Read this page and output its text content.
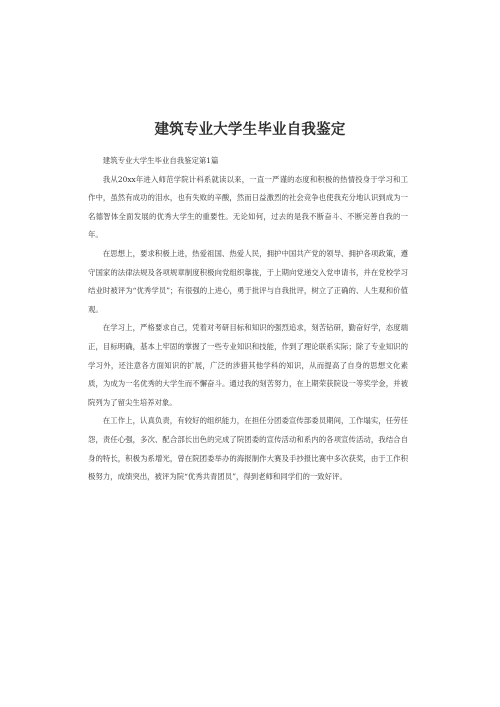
建筑专业大学生毕业自我鉴定

建筑专业大学生毕业自我鉴定第1篇

我从20xx年进入师范学院计科系就读以来，一直一严谨的态度和积极的热情投身于学习和工作中，虽然有成功的泪水，也有失败的辛酸，然而日益激烈的社会竞争也使我充分地认识到成为一名德智体全面发展的优秀大学生的重要性。无论如何，过去的是我不断奋斗、不断完善自我的一年。

在思想上，要求积极上进，热爱祖国、热爱人民，拥护中国共产党的领导、拥护各项政策，遵守国家的法律法规及各项规章制度积极向党组织靠拢，于上期向党递交入党申请书，并在党校学习结业时被评为“优秀学员”；有很强的上进心，勇于批评与自我批评，树立了正确的、人生观和价值观。

在学习上，严格要求自己，凭着对考研目标和知识的强烈追求，刻苦钻研，勤奋好学，态度端正，目标明确，基本上牢固的掌握了一些专业知识和技能，作到了理论联系实际；除了专业知识的学习外，还注意各方面知识的扩展，广泛的涉猎其他学科的知识，从而提高了自身的思想文化素质，为成为一名优秀的大学生而不懈奋斗。通过我的刻苦努力，在上期荣获院设一等奖学金，并被院列为了留尖生培养对象。

在工作上，认真负责，有较好的组织能力，在担任分团委宣传部委员期间，工作塌实，任劳任怨，责任心强，多次、配合部长出色的完成了院团委的宣传活动和系内的各项宣传活动，我结合自身的特长，积极为系增光，曾在院团委举办的海报制作大赛及手抄报比赛中多次获奖，由于工作积极努力，成绩突出，被评为院“优秀共青团员”，得到老师和同学们的一致好评。
